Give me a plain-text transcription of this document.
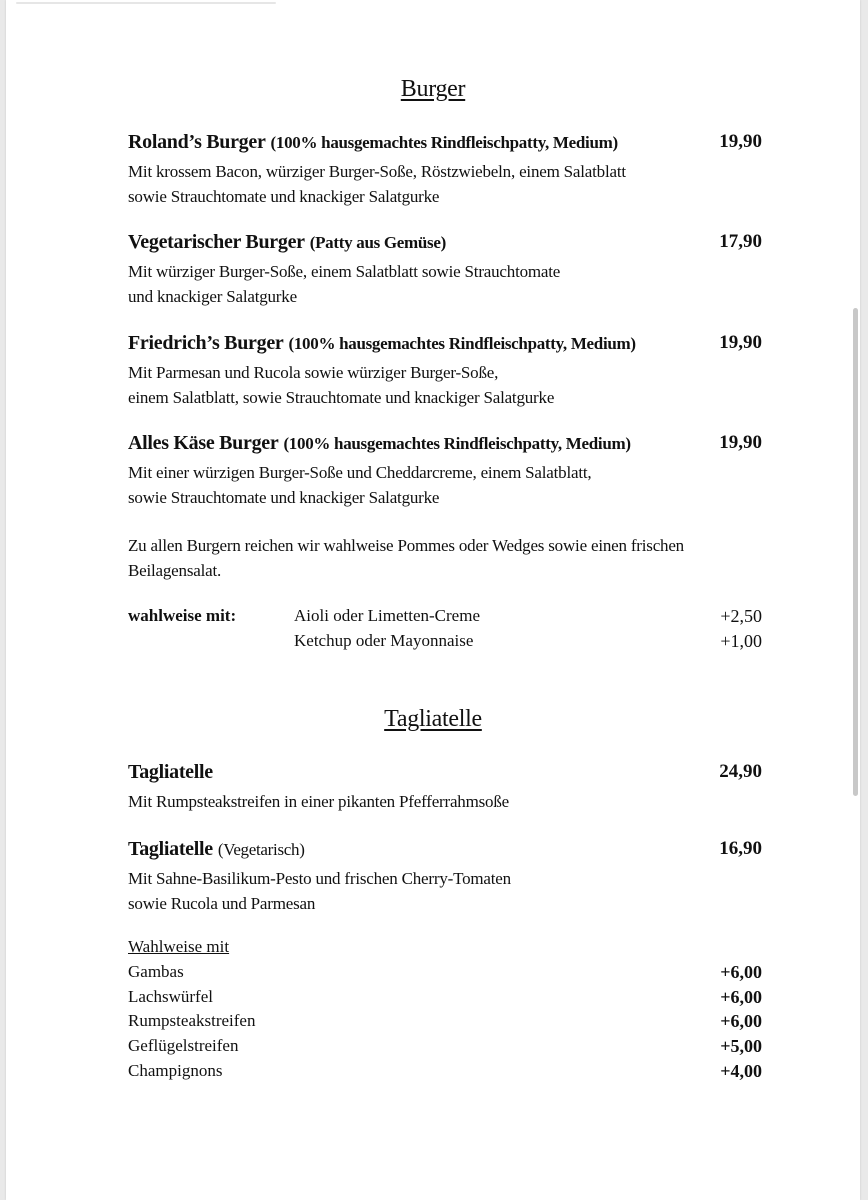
Burger
Roland’s Burger (100% hausgemachtes Rindfleischpatty, Medium)	19,90
Mit krossem Bacon, würziger Burger-Soße, Röstzwiebeln, einem Salatblatt
sowie Strauchtomate und knackiger Salatgurke
Vegetarischer Burger (Patty aus Gemüse)	17,90
Mit würziger Burger-Soße, einem Salatblatt sowie Strauchtomate
und knackiger Salatgurke
Friedrich’s Burger (100% hausgemachtes Rindfleischpatty, Medium)	19,90
Mit Parmesan und Rucola sowie würziger Burger-Soße,
einem Salatblatt, sowie Strauchtomate und knackiger Salatgurke
Alles Käse Burger (100% hausgemachtes Rindfleischpatty, Medium)	19,90
Mit einer würzigen Burger-Soße und Cheddarcreme, einem Salatblatt,
sowie Strauchtomate und knackiger Salatgurke
Zu allen Burgern reichen wir wahlweise Pommes oder Wedges sowie einen frischen
Beilagensalat.
wahlweise mit:	Aioli oder Limetten-Creme	+2,50
Ketchup oder Mayonnaise	+1,00
Tagliatelle
Tagliatelle	24,90
Mit Rumpsteakstreifen in einer pikanten Pfefferrahmsoße
Tagliatelle (Vegetarisch)	16,90
Mit Sahne-Basilikum-Pesto und frischen Cherry-Tomaten
sowie Rucola und Parmesan
Wahlweise mit
Gambas	+6,00
Lachswürfel	+6,00
Rumpsteakstreifen	+6,00
Geflügelstreifen	+5,00
Champignons	+4,00
